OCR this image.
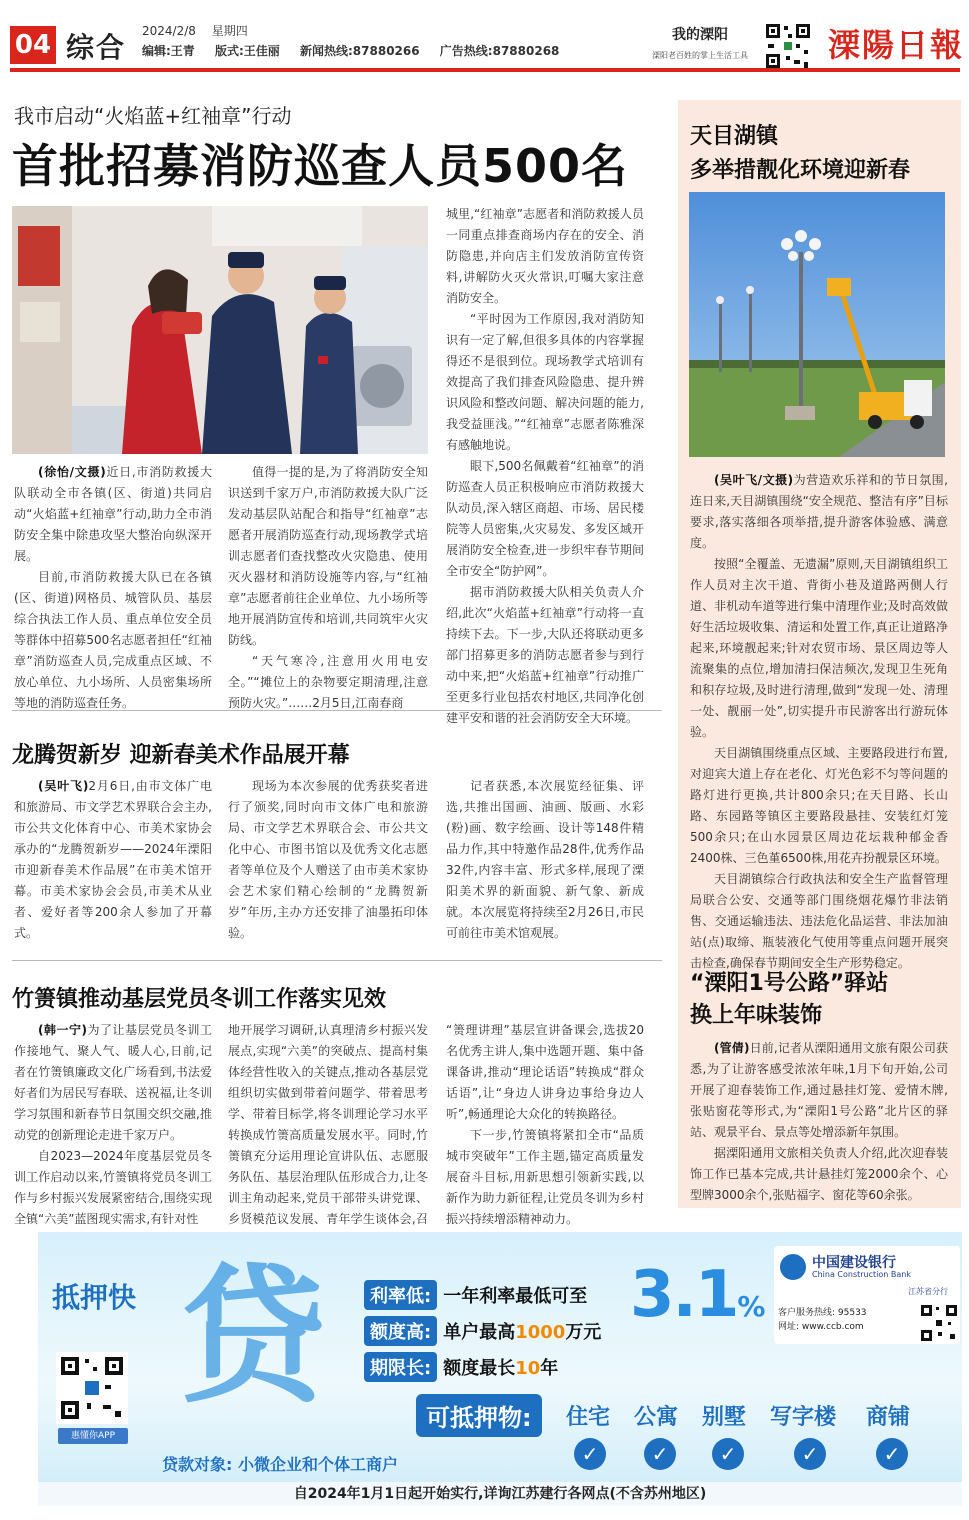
04 综合 2024/2/8 星期四
编辑:王青 版式:王佳丽 新闻热线:87880266 广告热线:87880268
我的溧阳
溧阳老百姓的掌上生活工具	溧陽日報
我市启动“火焰蓝+红袖章”行动
首批招募消防巡查人员500名

(徐怡/文摄)近日,市消防救援大队联动全市各镇(区、街道)共同启动“火焰蓝+红袖章”行动,助力全市消防安全集中除患攻坚大整治向纵深开展。

目前,市消防救援大队已在各镇(区、街道)网格员、城管队员、基层综合执法工作人员、重点单位安全员等群体中招募500名志愿者担任“红袖章”消防巡查人员,完成重点区域、不放心单位、九小场所、人员密集场所等地的消防巡查任务。

值得一提的是,为了将消防安全知识送到千家万户,市消防救援大队广泛发动基层队站配合和指导“红袖章”志愿者开展消防巡查行动,现场教学式培训志愿者们查找整改火灾隐患、使用灭火器材和消防设施等内容,与“红袖章”志愿者前往企业单位、九小场所等地开展消防宣传和培训,共同筑牢火灾防线。

“天气寒冷,注意用火用电安全。”“摊位上的杂物要定期清理,注意预防火灾。”……2月5日,江南春商

城里,“红袖章”志愿者和消防救援人员一同重点排查商场内存在的安全、消防隐患,并向店主们发放消防宣传资料,讲解防火灭火常识,叮嘱大家注意消防安全。

“平时因为工作原因,我对消防知识有一定了解,但很多具体的内容掌握得还不是很到位。现场教学式培训有效提高了我们排查风险隐患、提升辨识风险和整改问题、解决问题的能力,我受益匪浅。”“红袖章”志愿者陈雅深有感触地说。

眼下,500名佩戴着“红袖章”的消防巡查人员正积极响应市消防救援大队动员,深入辖区商超、市场、居民楼院等人员密集,火灾易发、多发区域开展消防安全检查,进一步织牢春节期间全市安全“防护网”。

据市消防救援大队相关负责人介绍,此次“火焰蓝+红袖章”行动将一直持续下去。下一步,大队还将联动更多部门招募更多的消防志愿者参与到行动中来,把“火焰蓝+红袖章”行动推广至更多行业包括农村地区,共同净化创建平安和谐的社会消防安全大环境。

龙腾贺新岁 迎新春美术作品展开幕

(吴叶飞)2月6日,由市文体广电和旅游局、市文学艺术界联合会主办,市公共文化体育中心、市美术家协会承办的“龙腾贺新岁——2024年溧阳市迎新春美术作品展”在市美术馆开幕。市美术家协会会员,市美术从业者、爱好者等200余人参加了开幕式。

现场为本次参展的优秀获奖者进行了颁奖,同时向市文体广电和旅游局、市文学艺术界联合会、市公共文化中心、市图书馆以及优秀文化志愿者等单位及个人赠送了由市美术家协会艺术家们精心绘制的“龙腾贺新岁”年历,主办方还安排了油墨拓印体验。

记者获悉,本次展览经征集、评选,共推出国画、油画、版画、水彩(粉)画、数字绘画、设计等148件精品力作,其中特邀作品28件,优秀作品32件,内容丰富、形式多样,展现了溧阳美术界的新面貌、新气象、新成就。本次展览将持续至2月26日,市民可前往市美术馆观展。

竹箦镇推动基层党员冬训工作落实见效

(韩一宁)为了让基层党员冬训工作接地气、聚人气、暖人心,日前,记者在竹箦镇廉政文化广场看到,书法爱好者们为居民写春联、送祝福,让冬训学习氛围和新春节日氛围交织交融,推动党的创新理论走进千家万户。

自2023—2024年度基层党员冬训工作启动以来,竹箦镇将党员冬训工作与乡村振兴发展紧密结合,围绕实现全镇“六美”蓝图现实需求,有针对性

地开展学习调研,认真理清乡村振兴发展点,实现“六美”的突破点、提高村集体经营性收入的关键点,推动各基层党组织切实做到带着问题学、带着思考学、带着目标学,将冬训理论学习水平转换成竹箦高质量发展水平。同时,竹箦镇充分运用理论宣讲队伍、志愿服务队伍、基层治理队伍形成合力,让冬训主角动起来,党员干部带头讲党课、乡贤模范议发展、青年学生谈体会,召

“箦理讲理”基层宣讲备课会,选拔20名优秀主讲人,集中选题开题、集中备课备讲,推动“理论话语”转换成“群众话语”,让“身边人讲身边事给身边人听”,畅通理论大众化的转换路径。

下一步,竹箦镇将紧扣全市“品质城市突破年”工作主题,锚定高质量发展奋斗目标,用新思想引领新实践,以新作为助力新征程,让党员冬训为乡村振兴持续增添精神动力。

天目湖镇
多举措靓化环境迎新春

(吴叶飞/文摄)为营造欢乐祥和的节日氛围,连日来,天目湖镇围绕“安全规范、整洁有序”目标要求,落实落细各项举措,提升游客体验感、满意度。

按照“全覆盖、无遗漏”原则,天目湖镇组织工作人员对主次干道、背街小巷及道路两侧人行道、非机动车道等进行集中清理作业;及时高效做好生活垃圾收集、清运和处置工作,真正让道路净起来,环境靓起来;针对农贸市场、景区周边等人流聚集的点位,增加清扫保洁频次,发现卫生死角和积存垃圾,及时进行清理,做到“发现一处、清理一处、靓丽一处”,切实提升市民游客出行游玩体验。

天目湖镇围绕重点区域、主要路段进行布置,对迎宾大道上存在老化、灯光色彩不匀等问题的路灯进行更换,共计800余只;在天目路、长山路、东园路等镇区主要路段悬挂、安装红灯笼500余只;在山水园景区周边花坛栽种郁金香2400株、三色堇6500株,用花卉扮靓景区环境。

天目湖镇综合行政执法和安全生产监督管理局联合公安、交通等部门围绕烟花爆竹非法销售、交通运输违法、违法危化品运营、非法加油站(点)取缔、瓶装液化气使用等重点问题开展突击检查,确保春节期间安全生产形势稳定。

“溧阳1号公路”驿站
换上年味装饰

(管倩)日前,记者从溧阳通用文旅有限公司获悉,为了让游客感受浓浓年味,1月下旬开始,公司开展了迎春装饰工作,通过悬挂灯笼、爱情木牌,张贴窗花等形式,为“溧阳1号公路”北片区的驿站、观景平台、景点等处增添新年氛围。

据溧阳通用文旅相关负责人介绍,此次迎春装饰工作已基本完成,共计悬挂灯笼2000余个、心型牌3000余个,张贴福字、窗花等60余张。

贷
抵押快	利率低: 一年利率最低可至 3.1%
额度高: 单户最高1000万元
期限长: 额度最长10年
中国建设银行
China Construction Bank
江苏省分行
客户服务热线: 95533
网址: www.ccb.com
惠懂你APP
可抵押物:	住宅 公寓 别墅 写字楼 商铺
✓	✓	✓	✓	✓
贷款对象: 小微企业和个体工商户
自2024年1月1日起开始实行,详询江苏建行各网点(不含苏州地区)
